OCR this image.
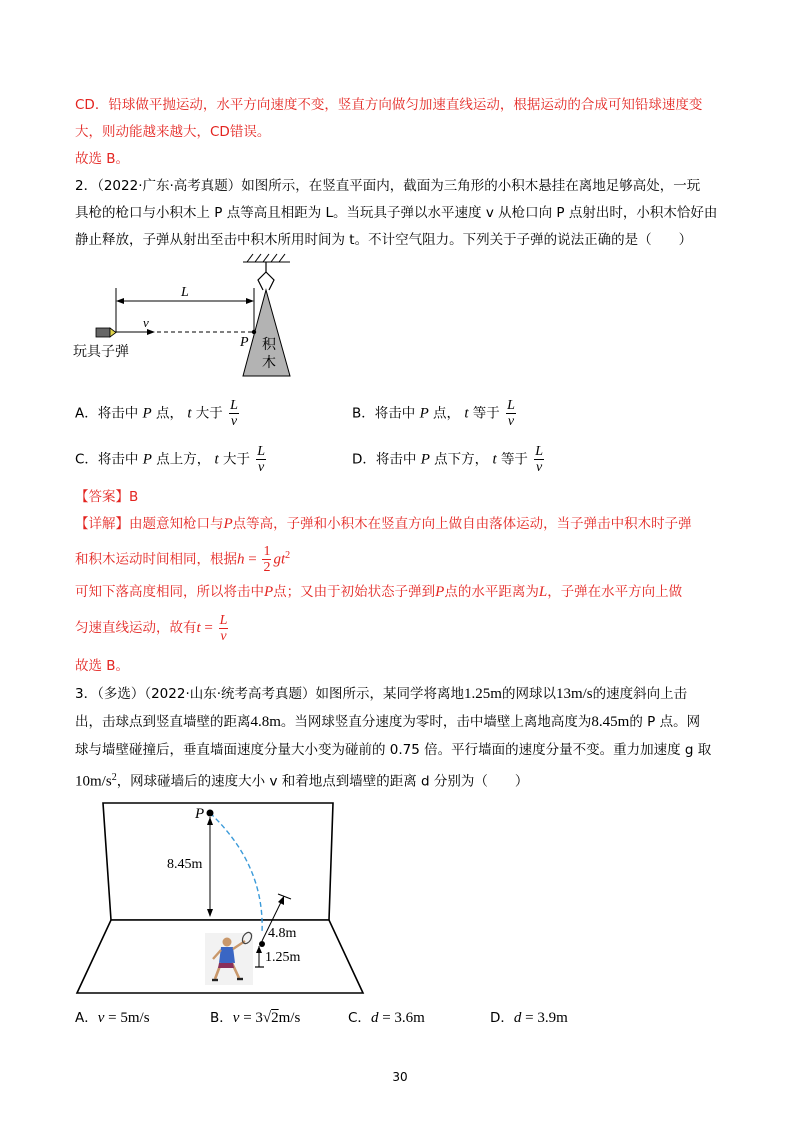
CD．铅球做平抛运动，水平方向速度不变，竖直方向做匀加速直线运动，根据运动的合成可知铅球速度变
大，则动能越来越大，CD错误。
故选 B。
2．（2022·广东·高考真题）如图所示，在竖直平面内，截面为三角形的小积木悬挂在离地足够高处，一玩
具枪的枪口与小积木上 P 点等高且相距为 L。当玩具子弹以水平速度 v 从枪口向 P 点射出时，小积木恰好由
静止释放，子弹从射出至击中积木所用时间为 t。不计空气阻力。下列关于子弹的说法正确的是（　　）
积
木
L
v
P
玩具子弹
A．将击中 P 点， t 大于 $\frac{L}{v}$	B．将击中 P 点， t 等于 $\frac{L}{v}$
C．将击中 P 点上方， t 大于 $\frac{L}{v}$	D．将击中 P 点下方， t 等于 $\frac{L}{v}$
【答案】B
【详解】由题意知枪口与P点等高，子弹和小积木在竖直方向上做自由落体运动，当子弹击中积木时子弹
和积木运动时间相同，根据$h = \frac{1}{2} gt^2$
可知下落高度相同，所以将击中P点；又由于初始状态子弹到P点的水平距离为L，子弹在水平方向上做
匀速直线运动，故有$t = \frac{L}{v}$
故选 B。
3．（多选）（2022·山东·统考高考真题）如图所示，某同学将离地1.25m的网球以13m/s的速度斜向上击
出，击球点到竖直墙壁的距离4.8m。当网球竖直分速度为零时，击中墙壁上离地高度为8.45m的 P 点。网
球与墙壁碰撞后，垂直墙面速度分量大小变为碰前的 0.75 倍。平行墙面的速度分量不变。重力加速度 g 取
$10m/s^2$，网球碰墙后的速度大小 v 和着地点到墙壁的距离 d 分别为（　　）
P
8.45m
4.8m
1.25m
A．v = 5m/s	B．v = 3√2m/s	C．d = 3.6m	D．d = 3.9m
30
